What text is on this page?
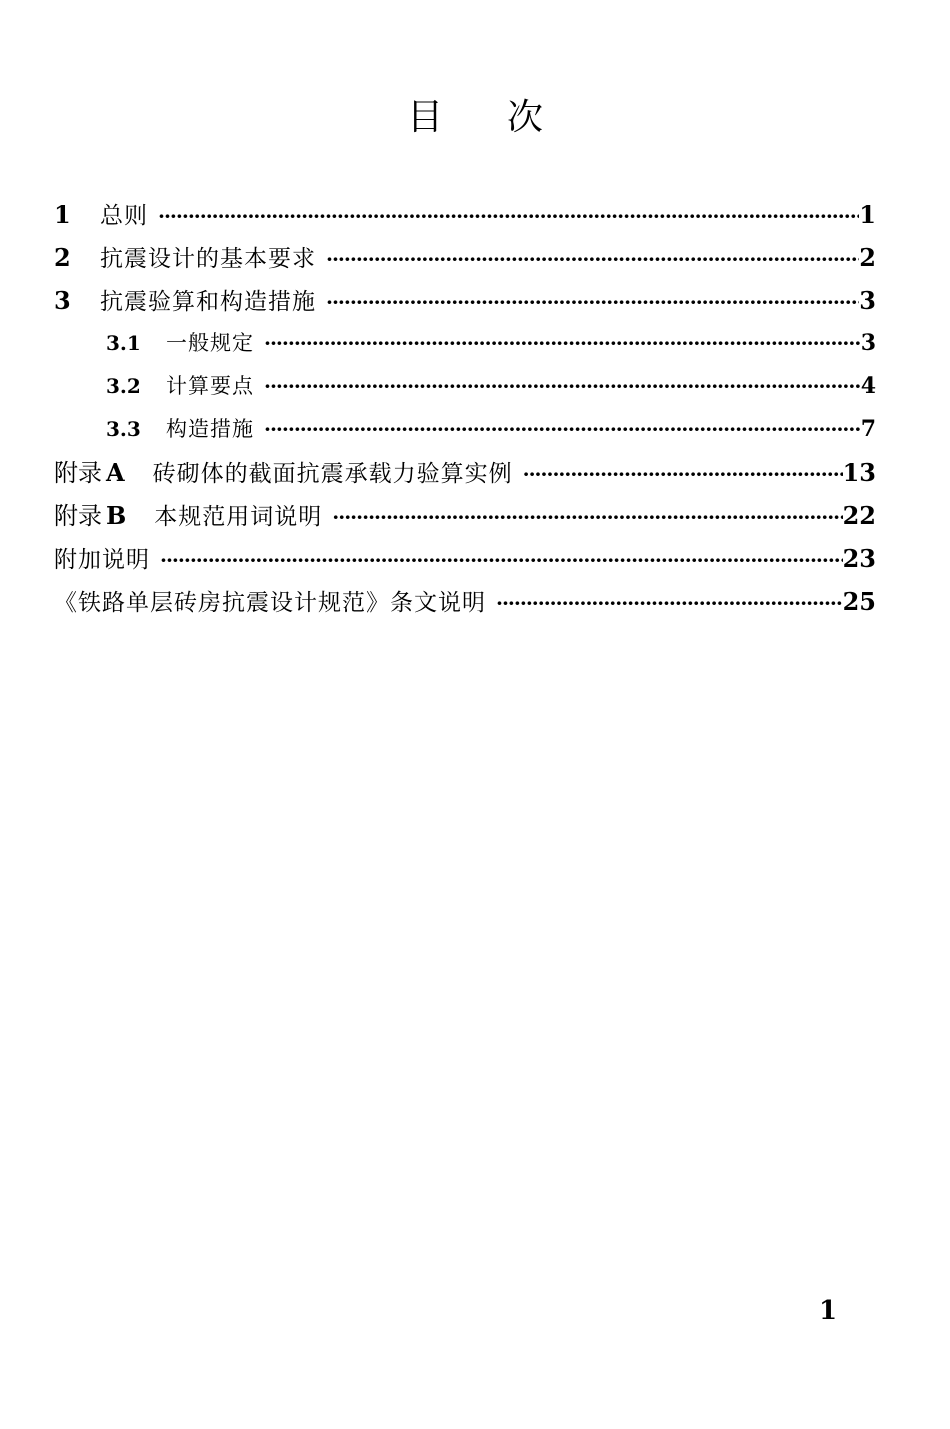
目 次
1	总则 ·····	1
2	抗震设计的基本要求 ·····	2
3	抗震验算和构造措施 ·····	3
3.1	一般规定 ·····	3
3.2	计算要点 ·····	4
3.3	构造措施 ·····	7
附录 A 砖砌体的截面抗震承载力验算实例 ·····	13
附录 B 本规范用词说明 ·····	22
附加说明 ·····	23
《铁路单层砖房抗震设计规范》条文说明 ·····	25
1
